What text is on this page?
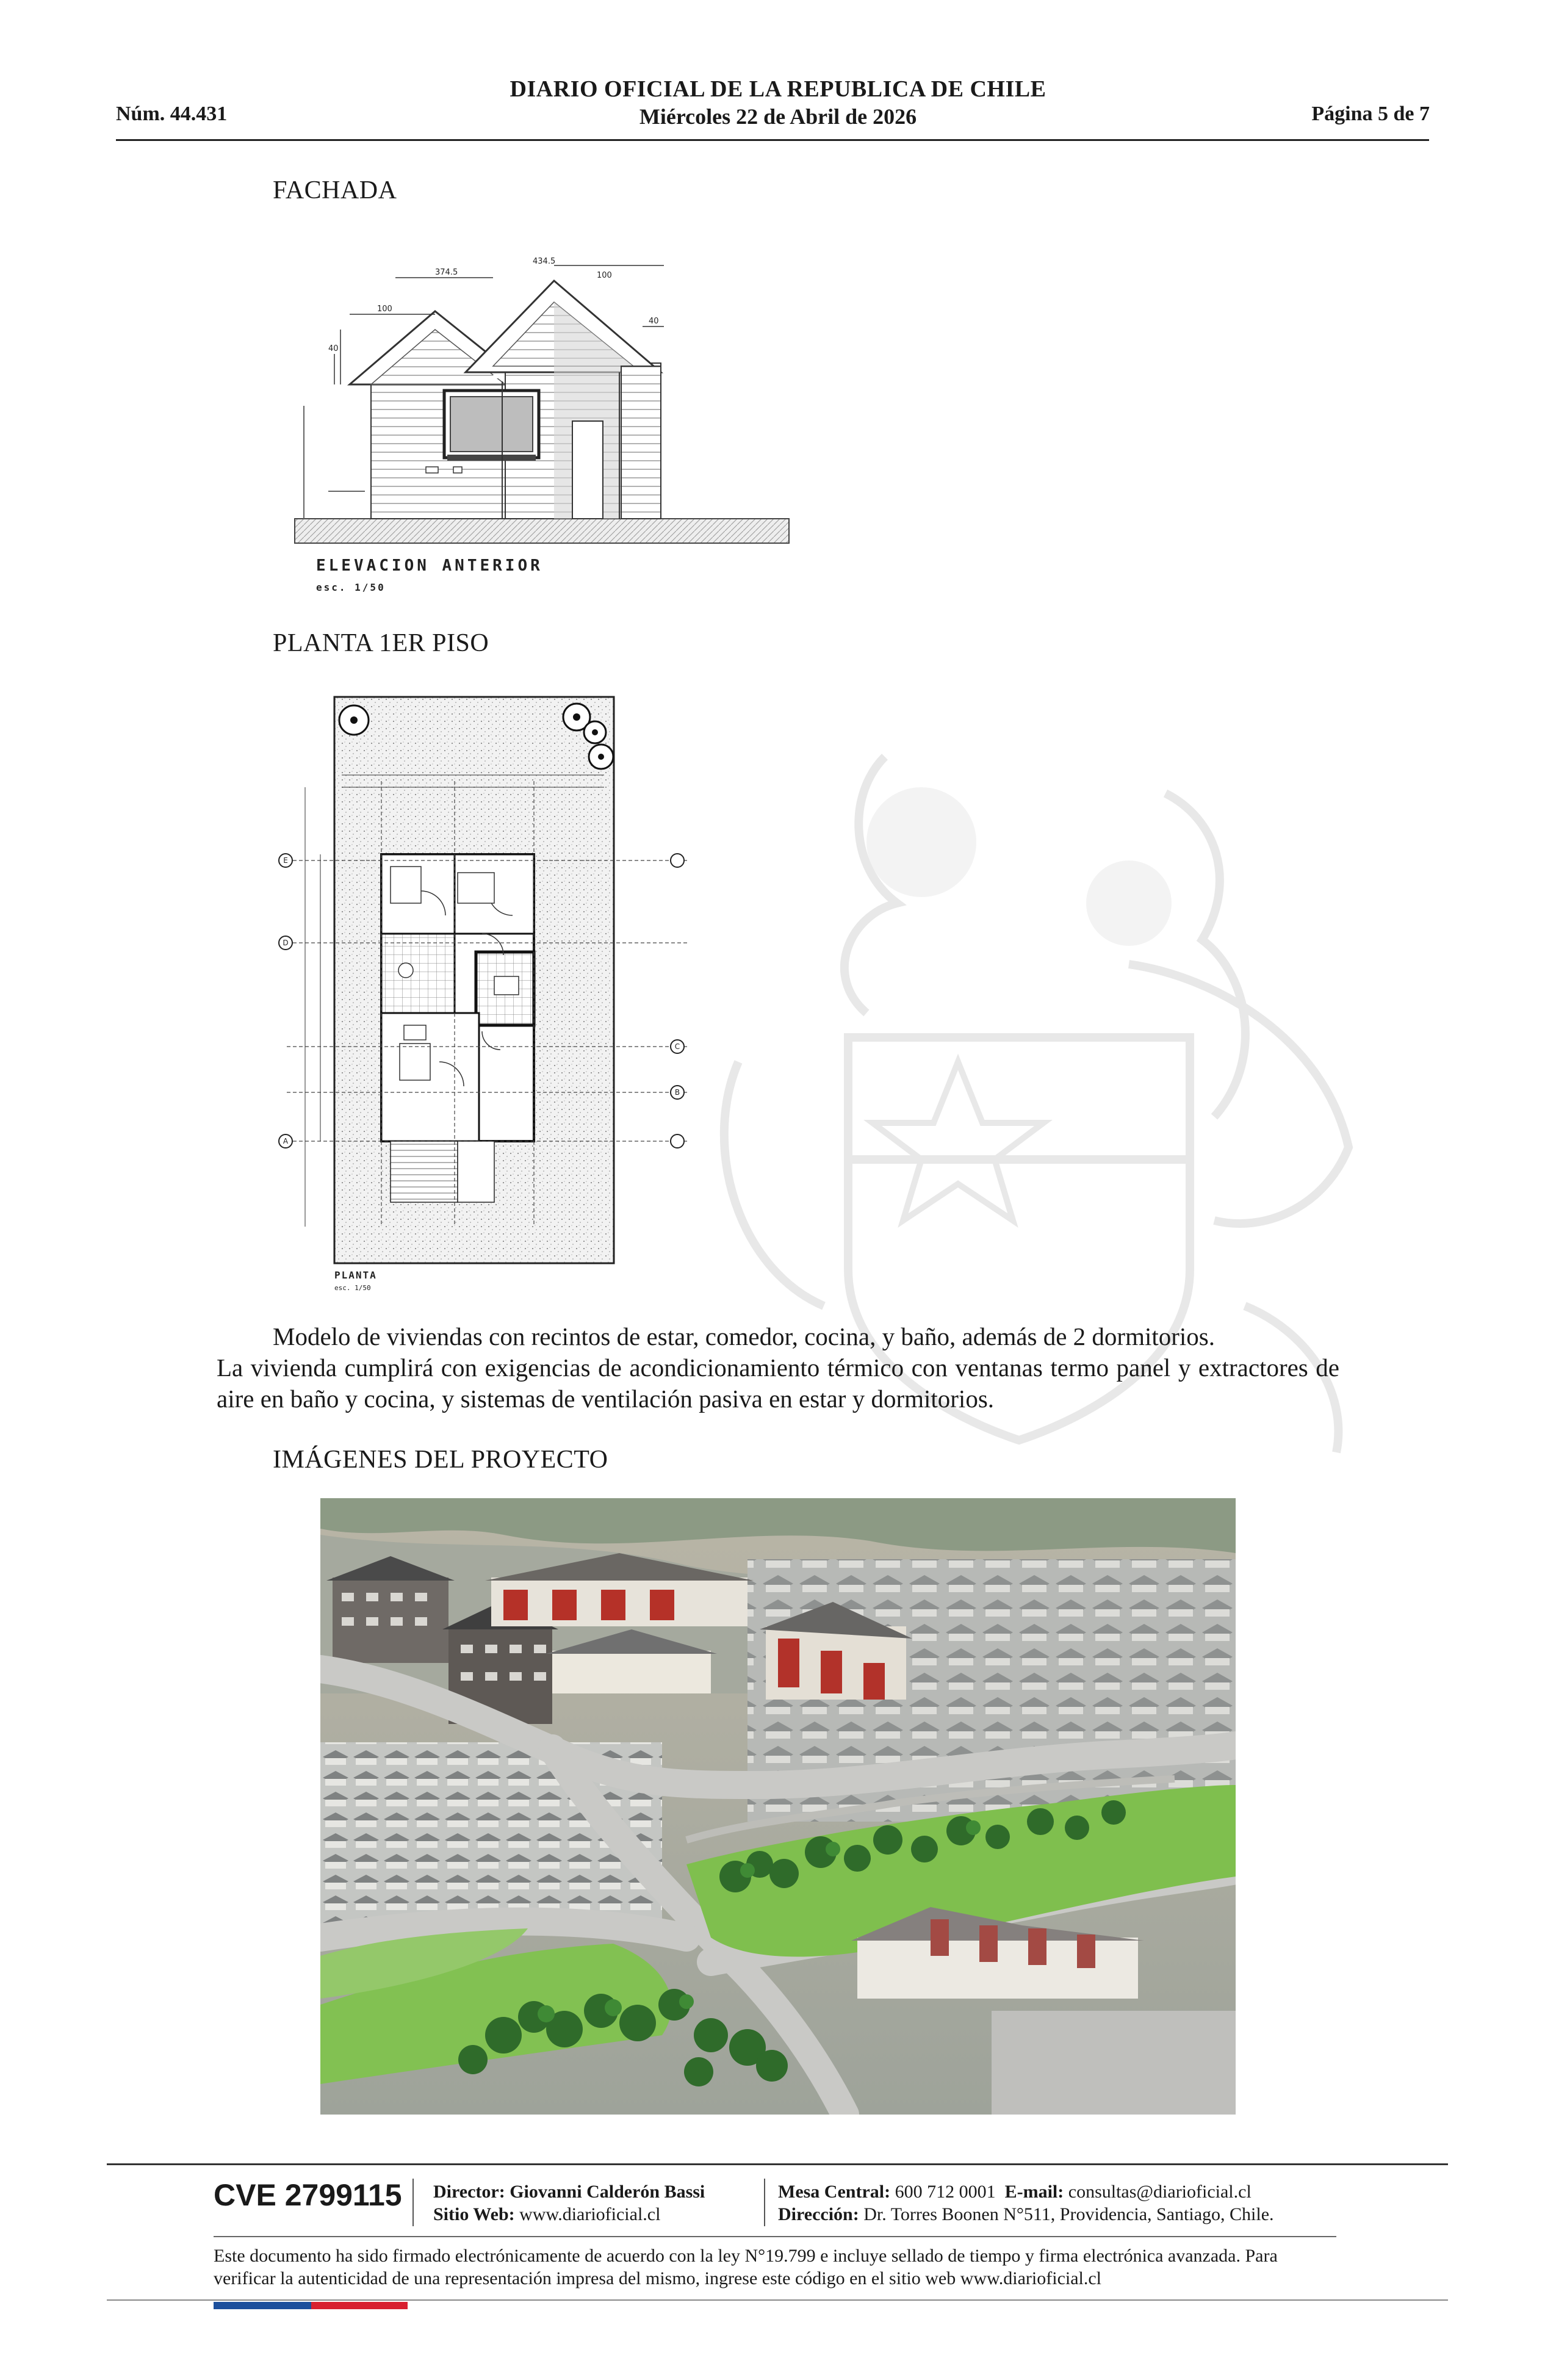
Núm. 44.431
DIARIO OFICIAL DE LA REPUBLICA DE CHILE
Miércoles 22 de Abril de 2026	Página 5 de 7
FACHADA
PLANTA 1ER PISO
IMÁGENES DEL PROYECTO
434.5
100
100
40
40
374.5
ELEVACION ANTERIOR
esc. 1/50
E
D
C
B
A
PLANTA
esc. 1/50
Modelo de viviendas con recintos de estar, comedor, cocina, y baño, además de 2 dormitorios.
La vivienda cumplirá con exigencias de acondicionamiento térmico con ventanas termo panel y extractores de aire en baño y cocina, y sistemas de ventilación pasiva en estar y dormitorios.
CVE 2799115 Director: Giovanni Calderón Bassi
Sitio Web: www.diarioficial.cl
Mesa Central: 600 712 0001 E-mail: consultas@diarioficial.cl
Dirección: Dr. Torres Boonen N°511, Providencia, Santiago, Chile.
Este documento ha sido firmado electrónicamente de acuerdo con la ley N°19.799 e incluye sellado de tiempo y firma electrónica avanzada. Para verificar la autenticidad de una representación impresa del mismo, ingrese este código en el sitio web www.diarioficial.cl
